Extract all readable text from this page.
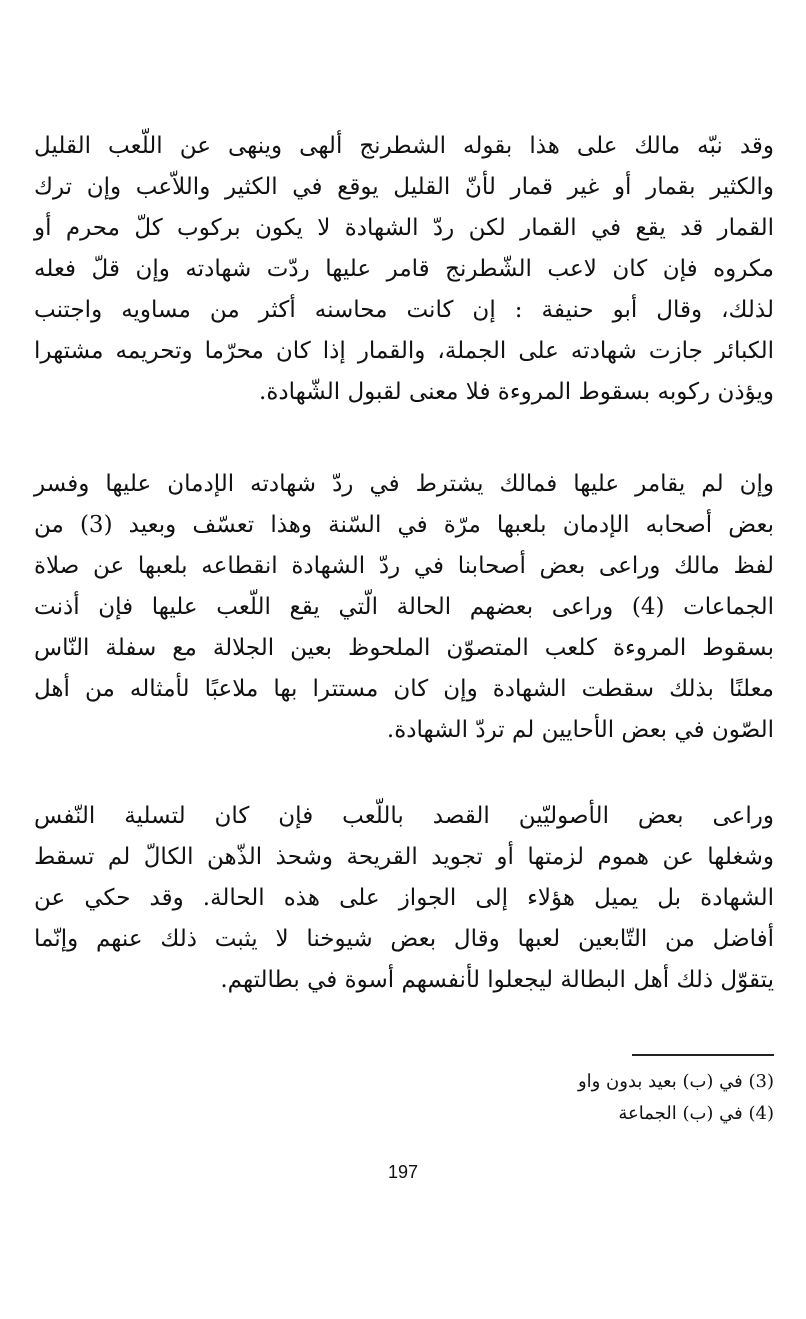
وقد نبّه مالك على هذا بقوله الشطرنج ألهى وينهى عن اللّعب القليل
والكثير بقمار أو غير قمار لأنّ القليل يوقع في الكثير واللاّعب وإن ترك
القمار قد يقع في القمار لكن ردّ الشهادة لا يكون بركوب كلّ محرم أو
مكروه فإن كان لاعب الشّطرنج قامر عليها ردّت شهادته وإن قلّ فعله
لذلك، وقال أبو حنيفة : إن كانت محاسنه أكثر من مساويه واجتنب
الكبائر جازت شهادته على الجملة، والقمار إذا كان محرّما وتحريمه مشتهرا
ويؤذن ركوبه بسقوط المروءة فلا معنى لقبول الشّهادة.
وإن لم يقامر عليها فمالك يشترط في ردّ شهادته الإدمان عليها وفسر
بعض أصحابه الإدمان بلعبها مرّة في السّنة وهذا تعسّف وبعيد (3) من
لفظ مالك وراعى بعض أصحابنا في ردّ الشهادة انقطاعه بلعبها عن صلاة
الجماعات (4) وراعى بعضهم الحالة الّتي يقع اللّعب عليها فإن أذنت
بسقوط المروءة كلعب المتصوّن الملحوظ بعين الجلالة مع سفلة النّاس
معلنًا بذلك سقطت الشهادة وإن كان مستترا بها ملاعبًا لأمثاله من أهل
الصّون في بعض الأحايين لم تردّ الشهادة.
وراعى بعض الأصوليّين القصد باللّعب فإن كان لتسلية النّفس
وشغلها عن هموم لزمتها أو تجويد القريحة وشحذ الذّهن الكالّ لم تسقط
الشهادة بل يميل هؤلاء إلى الجواز على هذه الحالة. وقد حكي عن
أفاضل من التّابعين لعبها وقال بعض شيوخنا لا يثبت ذلك عنهم وإنّما
يتقوّل ذلك أهل البطالة ليجعلوا لأنفسهم أسوة في بطالتهم.
(3) في (ب) بعيد بدون واو
(4) في (ب) الجماعة
197
